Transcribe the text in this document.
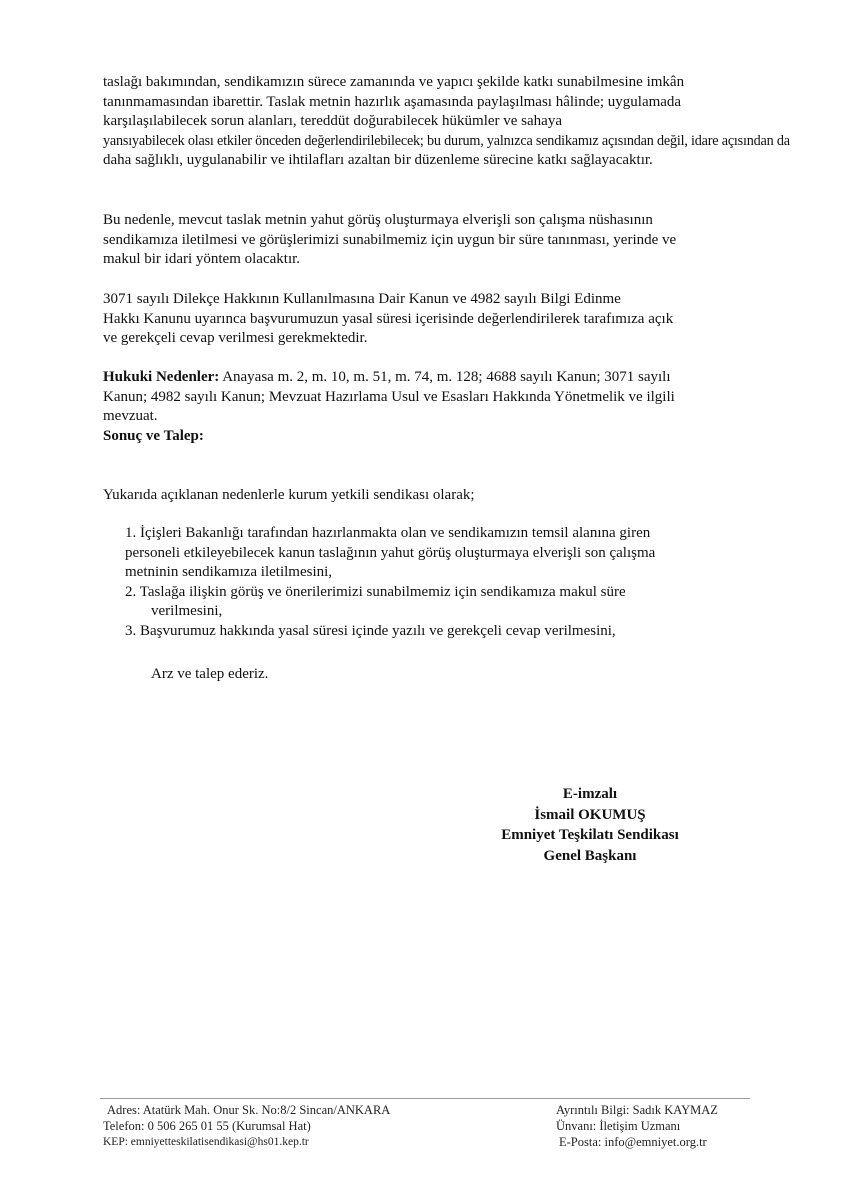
taslağı bakımından, sendikamızın sürece zamanında ve yapıcı şekilde katkı sunabilmesine imkân
tanınmamasından ibarettir. Taslak metnin hazırlık aşamasında paylaşılması hâlinde; uygulamada
karşılaşılabilecek sorun alanları, tereddüt doğurabilecek hükümler ve sahaya
yansıyabilecek olası etkiler önceden değerlendirilebilecek; bu durum, yalnızca sendikamız açısından değil, idare açısından da
daha sağlıklı, uygulanabilir ve ihtilafları azaltan bir düzenleme sürecine katkı sağlayacaktır.
Bu nedenle, mevcut taslak metnin yahut görüş oluşturmaya elverişli son çalışma nüshasının
sendikamıza iletilmesi ve görüşlerimizi sunabilmemiz için uygun bir süre tanınması, yerinde ve
makul bir idari yöntem olacaktır.
3071 sayılı Dilekçe Hakkının Kullanılmasına Dair Kanun ve 4982 sayılı Bilgi Edinme
Hakkı Kanunu uyarınca başvurumuzun yasal süresi içerisinde değerlendirilerek tarafımıza açık
ve gerekçeli cevap verilmesi gerekmektedir.
Hukuki Nedenler: Anayasa m. 2, m. 10, m. 51, m. 74, m. 128; 4688 sayılı Kanun; 3071 sayılı
Kanun; 4982 sayılı Kanun; Mevzuat Hazırlama Usul ve Esasları Hakkında Yönetmelik ve ilgili
mevzuat.
Sonuç ve Talep:
Yukarıda açıklanan nedenlerle kurum yetkili sendikası olarak;
1. İçişleri Bakanlığı tarafından hazırlanmakta olan ve sendikamızın temsil alanına giren
personeli etkileyebilecek kanun taslağının yahut görüş oluşturmaya elverişli son çalışma
metninin sendikamıza iletilmesini,
2. Taslağa ilişkin görüş ve önerilerimizi sunabilmemiz için sendikamıza makul süre
verilmesini,
3. Başvurumuz hakkında yasal süresi içinde yazılı ve gerekçeli cevap verilmesini,
Arz ve talep ederiz.
E-imzalı
İsmail OKUMUŞ
Emniyet Teşkilatı Sendikası
Genel Başkanı
Adres: Atatürk Mah. Onur Sk. No:8/2 Sincan/ANKARA
Telefon: 0 506 265 01 55 (Kurumsal Hat)
KEP: emniyetteskilatisendikasi@hs01.kep.tr
Ayrıntılı Bilgi: Sadık KAYMAZ
Ünvanı: İletişim Uzmanı
E-Posta: info@emniyet.org.tr
